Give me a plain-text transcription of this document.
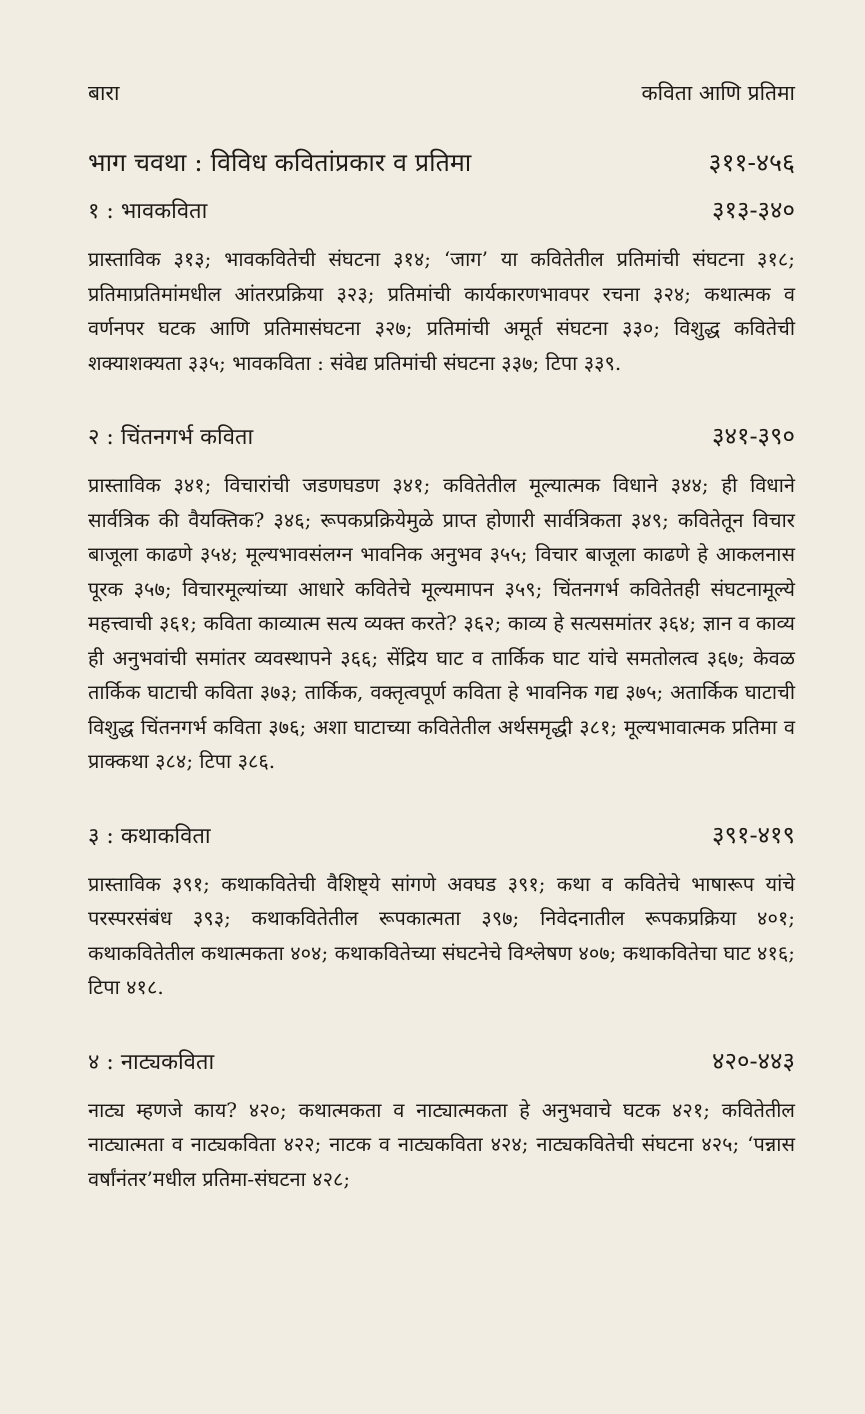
बारा	कविता आणि प्रतिमा
भाग चवथा : विविध कवितांप्रकार व प्रतिमा	३११-४५६
१ : भावकविता	३१३-३४०

प्रास्ताविक ३१३; भावकवितेची संघटना ३१४; ‘जाग’ या कवितेतील प्रतिमांची संघटना ३१८; प्रतिमाप्रतिमांमधील आंतरप्रक्रिया ३२३; प्रतिमांची कार्यकारणभावपर रचना ३२४; कथात्मक व वर्णनपर घटक आणि प्रतिमासंघटना ३२७; प्रतिमांची अमूर्त संघटना ३३०; विशुद्ध कवितेची शक्याशक्यता ३३५; भावकविता : संवेद्य प्रतिमांची संघटना ३३७; टिपा ३३९.

२ : चिंतनगर्भ कविता	३४१-३९०

प्रास्ताविक ३४१; विचारांची जडणघडण ३४१; कवितेतील मूल्यात्मक विधाने ३४४; ही विधाने सार्वत्रिक की वैयक्तिक? ३४६; रूपकप्रक्रियेमुळे प्राप्त होणारी सार्वत्रिकता ३४९; कवितेतून विचार बाजूला काढणे ३५४; मूल्यभावसंलग्न भावनिक अनुभव ३५५; विचार बाजूला काढणे हे आकलनास पूरक ३५७; विचारमूल्यांच्या आधारे कवितेचे मूल्यमापन ३५९; चिंतनगर्भ कवितेतही संघटनामूल्ये महत्त्वाची ३६१; कविता काव्यात्म सत्य व्यक्त करते? ३६२; काव्य हे सत्यसमांतर ३६४; ज्ञान व काव्य ही अनुभवांची समांतर व्यवस्थापने ३६६; सेंद्रिय घाट व तार्किक घाट यांचे समतोलत्व ३६७; केवळ तार्किक घाटाची कविता ३७३; तार्किक, वक्तृत्वपूर्ण कविता हे भावनिक गद्य ३७५; अतार्किक घाटाची विशुद्ध चिंतनगर्भ कविता ३७६; अशा घाटाच्या कवितेतील अर्थसमृद्धी ३८१; मूल्यभावात्मक प्रतिमा व प्राक्कथा ३८४; टिपा ३८६.

३ : कथाकविता	३९१-४१९

प्रास्ताविक ३९१; कथाकवितेची वैशिष्ट्ये सांगणे अवघड ३९१; कथा व कवितेचे भाषारूप यांचे परस्परसंबंध ३९३; कथाकवितेतील रूपकात्मता ३९७; निवेदनातील रूपकप्रक्रिया ४०१; कथाकवितेतील कथात्मकता ४०४; कथाकवितेच्या संघटनेचे विश्लेषण ४०७; कथाकवितेचा घाट ४१६; टिपा ४१८.

४ : नाट्यकविता	४२०-४४३

नाट्य म्हणजे काय? ४२०; कथात्मकता व नाट्यात्मकता हे अनुभवाचे घटक ४२१; कवितेतील नाट्यात्मता व नाट्यकविता ४२२; नाटक व नाट्यकविता ४२४; नाट्यकवितेची संघटना ४२५; ‘पन्नास वर्षांनंतर’मधील प्रतिमा-संघटना ४२८;
